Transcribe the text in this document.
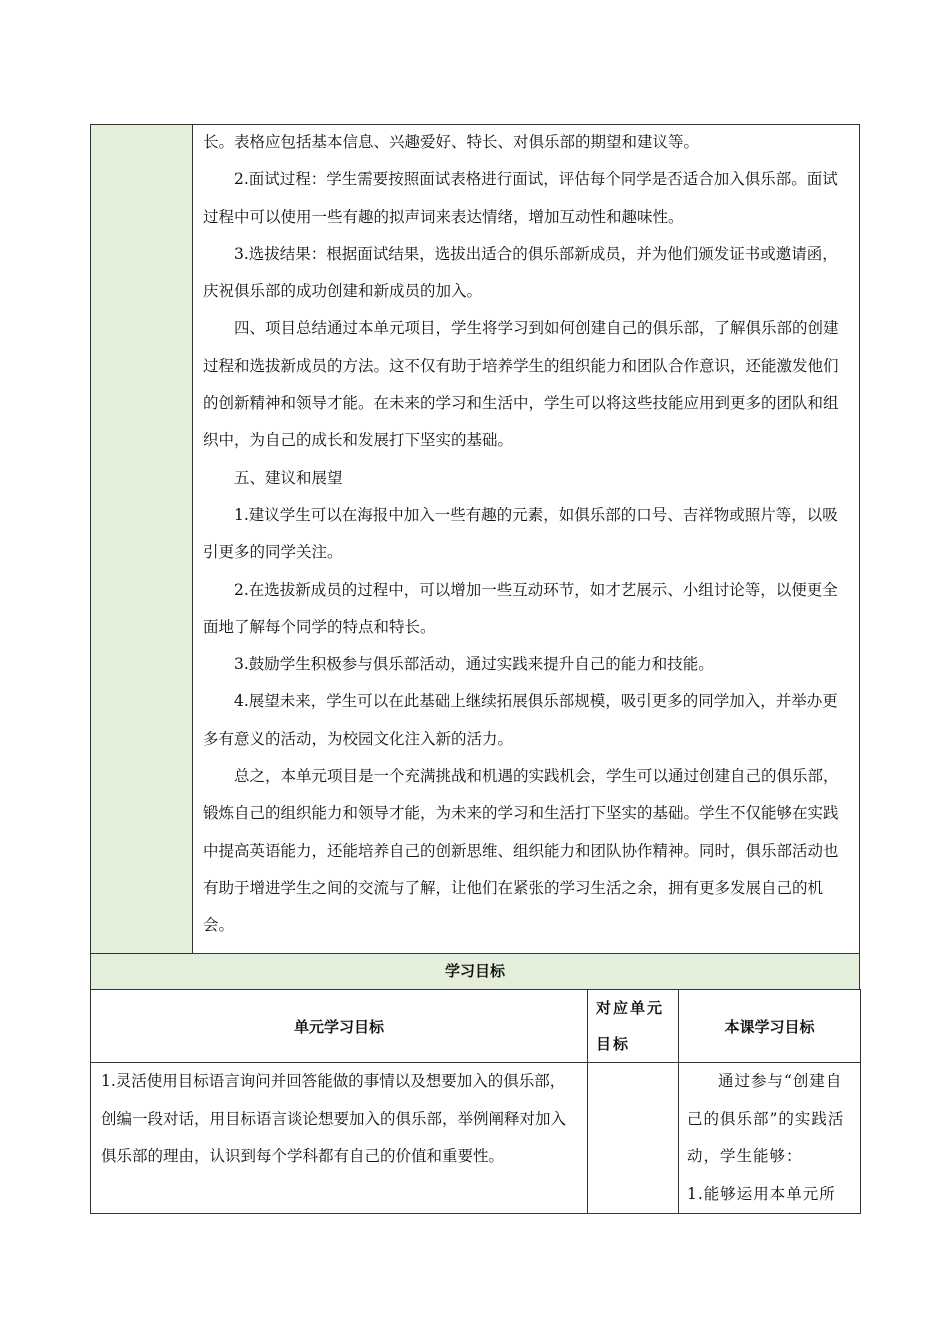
长。表格应包括基本信息、兴趣爱好、特长、对俱乐部的期望和建议等。

2.面试过程：学生需要按照面试表格进行面试，评估每个同学是否适合加入俱乐部。面试过程中可以使用一些有趣的拟声词来表达情绪，增加互动性和趣味性。

3.选拔结果：根据面试结果，选拔出适合的俱乐部新成员，并为他们颁发证书或邀请函，庆祝俱乐部的成功创建和新成员的加入。

四、项目总结通过本单元项目，学生将学习到如何创建自己的俱乐部，了解俱乐部的创建过程和选拔新成员的方法。这不仅有助于培养学生的组织能力和团队合作意识，还能激发他们的创新精神和领导才能。在未来的学习和生活中，学生可以将这些技能应用到更多的团队和组织中，为自己的成长和发展打下坚实的基础。

五、建议和展望

1.建议学生可以在海报中加入一些有趣的元素，如俱乐部的口号、吉祥物或照片等，以吸引更多的同学关注。

2.在选拔新成员的过程中，可以增加一些互动环节，如才艺展示、小组讨论等，以便更全面地了解每个同学的特点和特长。

3.鼓励学生积极参与俱乐部活动，通过实践来提升自己的能力和技能。

4.展望未来，学生可以在此基础上继续拓展俱乐部规模，吸引更多的同学加入，并举办更多有意义的活动，为校园文化注入新的活力。

总之，本单元项目是一个充满挑战和机遇的实践机会，学生可以通过创建自己的俱乐部，锻炼自己的组织能力和领导才能，为未来的学习和生活打下坚实的基础。学生不仅能够在实践中提高英语能力，还能培养自己的创新思维、组织能力和团队协作精神。同时，俱乐部活动也有助于增进学生之间的交流与了解，让他们在紧张的学习生活之余，拥有更多发展自己的机会。

学习目标
单元学习目标	对应单元目标	本课学习目标
1.灵活使用目标语言询问并回答能做的事情以及想要加入的俱乐部，创编一段对话，用目标语言谈论想要加入的俱乐部，举例阐释对加入俱乐部的理由，认识到每个学科都有自己的价值和重要性。		通过参与“创建自己的俱乐部”的实践活动，学生能够：

1.能够运用本单元所
